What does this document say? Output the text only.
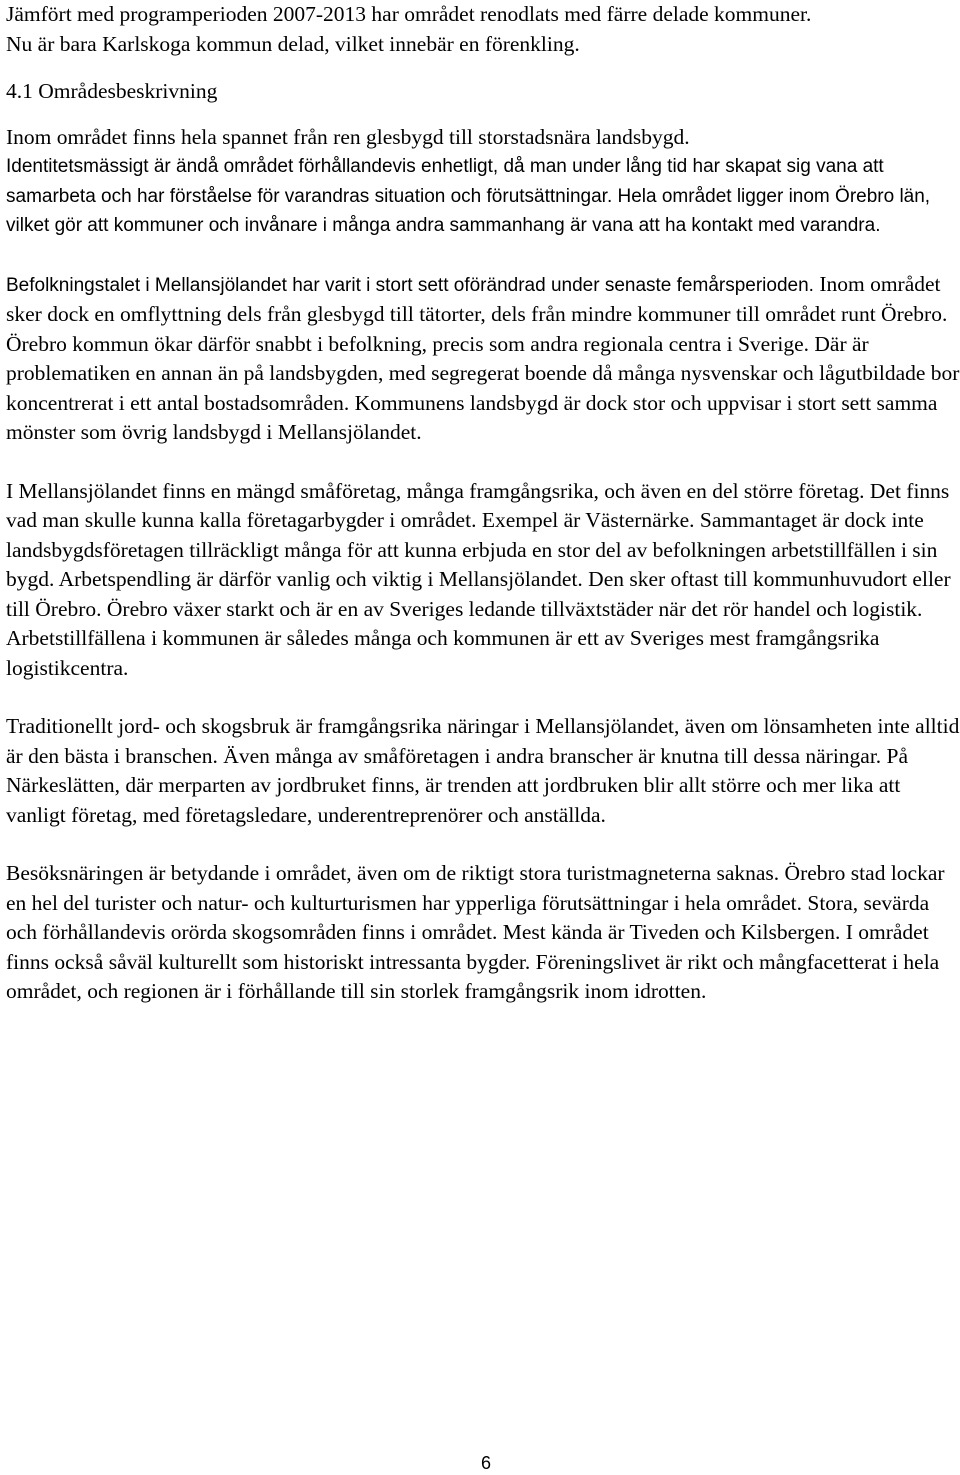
Jämfört med programperioden 2007-2013 har området renodlats med färre delade kommuner.

Nu är bara Karlskoga kommun delad, vilket innebär en förenkling.

4.1 Områdesbeskrivning

Inom området finns hela spannet från ren glesbygd till storstadsnära landsbygd.

Identitetsmässigt är ändå området förhållandevis enhetligt, då man under lång tid har skapat sig vana att samarbeta och har förståelse för varandras situation och förutsättningar. Hela området ligger inom Örebro län, vilket gör att kommuner och invånare i många andra sammanhang är vana att ha kontakt med varandra.

Befolkningstalet i Mellansjölandet har varit i stort sett oförändrad under senaste femårsperioden. Inom området sker dock en omflyttning dels från glesbygd till tätorter, dels från mindre kommuner till området runt Örebro. Örebro kommun ökar därför snabbt i befolkning, precis som andra regionala centra i Sverige. Där är problematiken en annan än på landsbygden, med segregerat boende då många nysvenskar och lågutbildade bor koncentrerat i ett antal bostadsområden. Kommunens landsbygd är dock stor och uppvisar i stort sett samma mönster som övrig landsbygd i Mellansjölandet.

I Mellansjölandet finns en mängd småföretag, många framgångsrika, och även en del större företag. Det finns vad man skulle kunna kalla företagarbygder i området. Exempel är Västernärke. Sammantaget är dock inte landsbygdsföretagen tillräckligt många för att kunna erbjuda en stor del av befolkningen arbetstillfällen i sin bygd. Arbetspendling är därför vanlig och viktig i Mellansjölandet. Den sker oftast till kommunhuvudort eller till Örebro. Örebro växer starkt och är en av Sveriges ledande tillväxtstäder när det rör handel och logistik. Arbetstillfällena i kommunen är således många och kommunen är ett av Sveriges mest framgångsrika logistikcentra.

Traditionellt jord- och skogsbruk är framgångsrika näringar i Mellansjölandet, även om lönsamheten inte alltid är den bästa i branschen. Även många av småföretagen i andra branscher är knutna till dessa näringar. På Närkeslätten, där merparten av jordbruket finns, är trenden att jordbruken blir allt större och mer lika att vanligt företag, med företagsledare, underentreprenörer och anställda.

Besöksnäringen är betydande i området, även om de riktigt stora turistmagneterna saknas. Örebro stad lockar en hel del turister och natur- och kulturturismen har ypperliga förutsättningar i hela området. Stora, sevärda och förhållandevis orörda skogsområden finns i området. Mest kända är Tiveden och Kilsbergen. I området finns också såväl kulturellt som historiskt intressanta bygder. Föreningslivet är rikt och mångfacetterat i hela området, och regionen är i förhållande till sin storlek framgångsrik inom idrotten.

6
